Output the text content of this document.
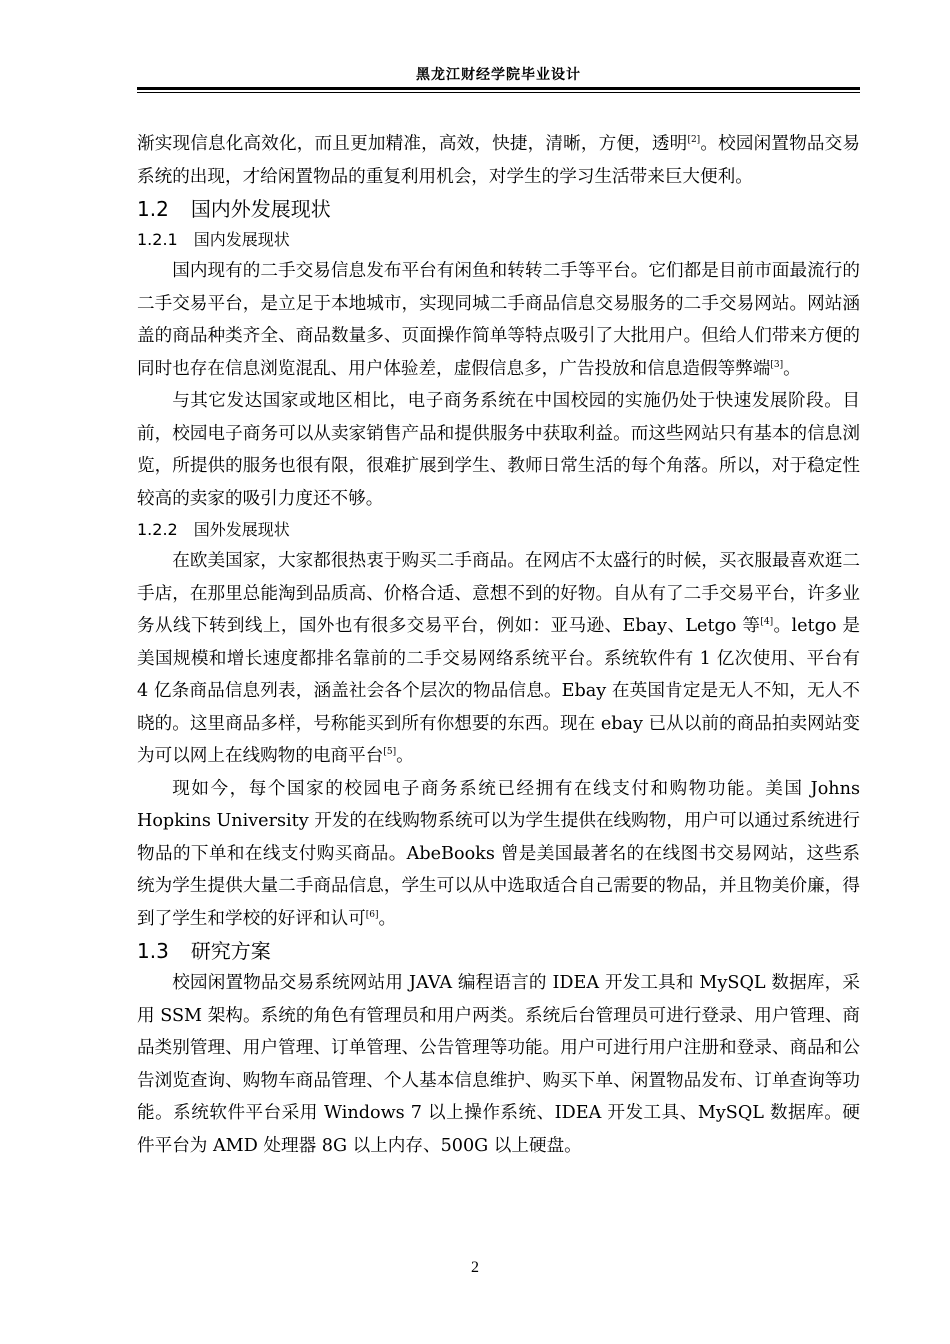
黑龙江财经学院毕业设计

渐实现信息化高效化，而且更加精准，高效，快捷，清晰，方便，透明[2]。校园闲置物品交易系统的出现，才给闲置物品的重复利用机会，对学生的学习生活带来巨大便利。

1.2 国内外发展现状
1.2.1 国内发展现状

国内现有的二手交易信息发布平台有闲鱼和转转二手等平台。它们都是目前市面最流行的二手交易平台，是立足于本地城市，实现同城二手商品信息交易服务的二手交易网站。网站涵盖的商品种类齐全、商品数量多、页面操作简单等特点吸引了大批用户。但给人们带来方便的同时也存在信息浏览混乱、用户体验差，虚假信息多，广告投放和信息造假等弊端[3]。

与其它发达国家或地区相比，电子商务系统在中国校园的实施仍处于快速发展阶段。目前，校园电子商务可以从卖家销售产品和提供服务中获取利益。而这些网站只有基本的信息浏览，所提供的服务也很有限，很难扩展到学生、教师日常生活的每个角落。所以，对于稳定性较高的卖家的吸引力度还不够。

1.2.2 国外发展现状

在欧美国家，大家都很热衷于购买二手商品。在网店不太盛行的时候，买衣服最喜欢逛二手店，在那里总能淘到品质高、价格合适、意想不到的好物。自从有了二手交易平台，许多业务从线下转到线上，国外也有很多交易平台，例如：亚马逊、Ebay、Letgo 等[4]。letgo 是美国规模和增长速度都排名靠前的二手交易网络系统平台。系统软件有 1 亿次使用、平台有 4 亿条商品信息列表，涵盖社会各个层次的物品信息。Ebay 在英国肯定是无人不知，无人不晓的。这里商品多样，号称能买到所有你想要的东西。现在 ebay 已从以前的商品拍卖网站变为可以网上在线购物的电商平台[5]。

现如今，每个国家的校园电子商务系统已经拥有在线支付和购物功能。美国 Johns Hopkins University 开发的在线购物系统可以为学生提供在线购物，用户可以通过系统进行物品的下单和在线支付购买商品。AbeBooks 曾是美国最著名的在线图书交易网站，这些系统为学生提供大量二手商品信息，学生可以从中选取适合自己需要的物品，并且物美价廉，得到了学生和学校的好评和认可[6]。

1.3 研究方案

校园闲置物品交易系统网站用 JAVA 编程语言的 IDEA 开发工具和 MySQL 数据库，采用 SSM 架构。系统的角色有管理员和用户两类。系统后台管理员可进行登录、用户管理、商品类别管理、用户管理、订单管理、公告管理等功能。用户可进行用户注册和登录、商品和公告浏览查询、购物车商品管理、个人基本信息维护、购买下单、闲置物品发布、订单查询等功能。系统软件平台采用 Windows 7 以上操作系统、IDEA 开发工具、MySQL 数据库。硬件平台为 AMD 处理器 8G 以上内存、500G 以上硬盘。

2
